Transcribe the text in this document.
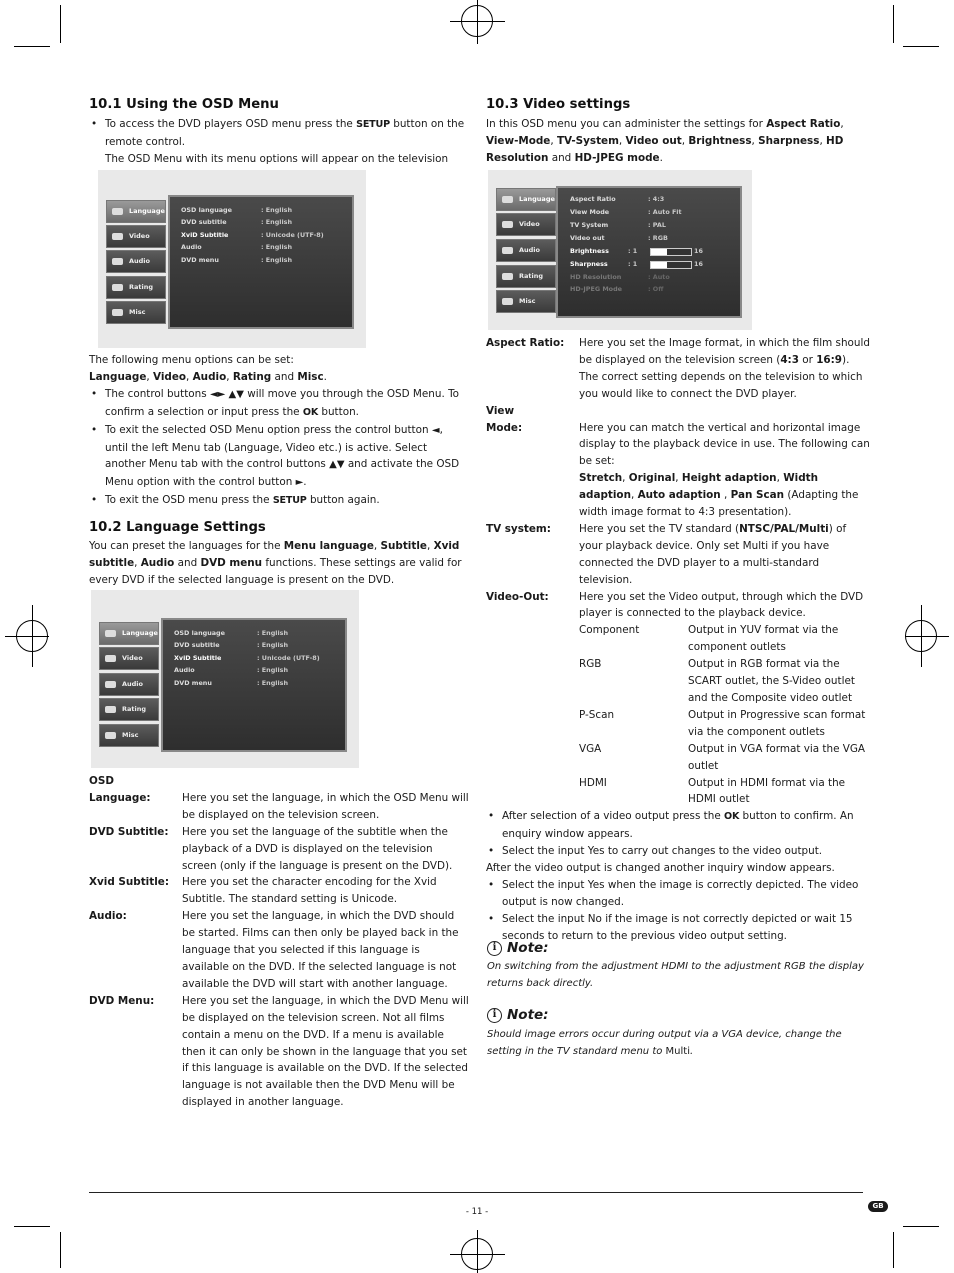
10.1 Using the OSD Menu
• To access the DVD players OSD menu press the SETUP button on the remote control.
The OSD Menu with its menu options will appear on the television
Language
Video
Audio
Rating
Misc
OSD language	: English
DVD subtitle	: English
XviD Subtitle	: Unicode (UTF-8)
Audio	: English
DVD menu	: English

The following menu options can be set:

Language, Video, Audio, Rating and Misc.

• The control buttons ◄► ▲▼ will move you through the OSD Menu. To confirm a selection or input press the OK button.
• To exit the selected OSD Menu option press the control button ◄, until the left Menu tab (Language, Video etc.) is active. Select another Menu tab with the control buttons ▲▼ and activate the OSD Menu option with the control button ►.
• To exit the OSD menu press the SETUP button again.
10.2 Language Settings

You can preset the languages for the Menu language, Subtitle, Xvid subtitle, Audio and DVD menu functions. These settings are valid for every DVD if the selected language is present on the DVD.

Language
Video
Audio
Rating
Misc
OSD language	: English
DVD subtitle	: English
XviD Subtitle	: Unicode (UTF-8)
Audio	: English
DVD menu	: English

OSD

Language:	Here you set the language, in which the OSD Menu will be displayed on the television screen.
DVD Subtitle:	Here you set the language of the subtitle when the playback of a DVD is displayed on the television screen (only if the language is present on the DVD).
Xvid Subtitle:	Here you set the character encoding for the Xvid Subtitle. The standard setting is Unicode.
Audio:	Here you set the language, in which the DVD should be started. Films can then only be played back in the language that you selected if this language is available on the DVD. If the selected language is not available the DVD will start with another language.
DVD Menu:	Here you set the language, in which the DVD Menu will be displayed on the television screen. Not all films contain a menu on the DVD. If a menu is available then it can only be shown in the language that you set if this language is available on the DVD. If the selected language is not available then the DVD Menu will be displayed in another language.
10.3 Video settings

In this OSD menu you can administer the settings for Aspect Ratio, View-Mode, TV-System, Video out, Brightness, Sharpness, HD Resolution and HD-JPEG mode.

Language
Video
Audio
Rating
Misc
Aspect Ratio	: 4:3
View Mode	: Auto Fit
TV System	: PAL
Video out	: RGB
Brightness	: 1	16
Sharpness	: 1	16
HD Resolution	: Auto
HD-JPEG Mode	: Off
Aspect Ratio:	Here you set the Image format, in which the film should be displayed on the television screen (4:3 or 16:9). The correct setting depends on the television to which you would like to connect the DVD player.
View
Mode:	Here you can match the vertical and horizontal image display to the playback device in use. The following can be set:
Stretch, Original, Height adaption, Width adaption, Auto adaption , Pan Scan (Adapting the width image format to 4:3 presentation).
TV system:	Here you set the TV standard (NTSC/PAL/Multi) of your playback device. Only set Multi if you have connected the DVD player to a multi-standard television.
Video-Out:	Here you set the Video output, through which the DVD player is connected to the playback device.
Component	Output in YUV format via the component outlets
RGB	Output in RGB format via the SCART outlet, the S-Video outlet and the Composite video outlet
P-Scan	Output in Progressive scan format via the component outlets
VGA	Output in VGA format via the VGA outlet
HDMI	Output in HDMI format via the HDMI outlet
• After selection of a video output press the OK button to confirm. An enquiry window appears.
• Select the input Yes to carry out changes to the video output.

After the video output is changed another inquiry window appears.

• Select the input Yes when the image is correctly depicted. The video output is now changed.
• Select the input No if the image is not correctly depicted or wait 15 seconds to return to the previous video output setting.
i Note:

On switching from the adjustment HDMI to the adjustment RGB the display returns back directly.

i Note:

Should image errors occur during output via a VGA device, change the setting in the TV standard menu to Multi.

- 11 -
GB
